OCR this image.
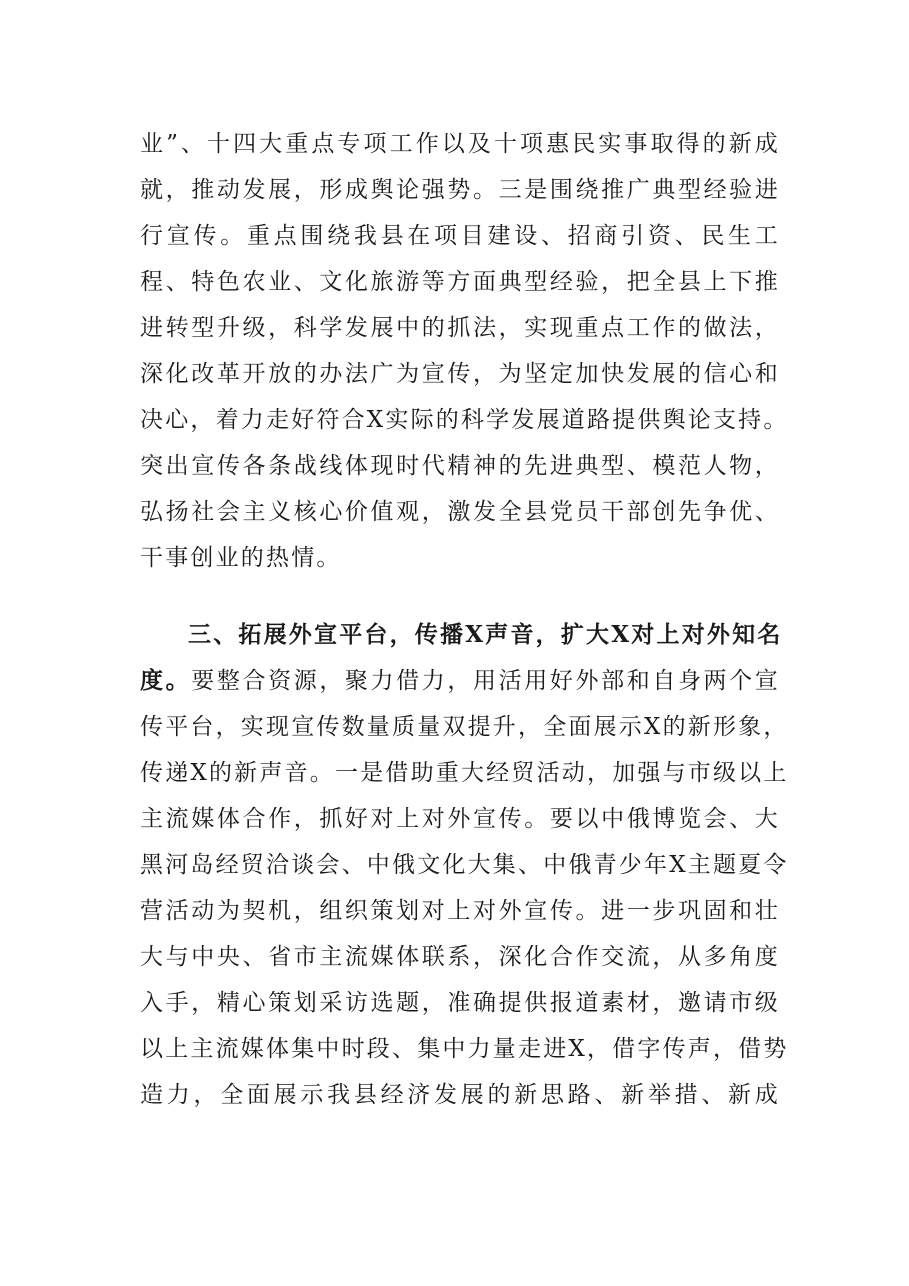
业”、十四大重点专项工作以及十项惠民实事取得的新成
就，推动发展，形成舆论强势。三是围绕推广典型经验进
行宣传。重点围绕我县在项目建设、招商引资、民生工
程、特色农业、文化旅游等方面典型经验，把全县上下推
进转型升级，科学发展中的抓法，实现重点工作的做法，
深化改革开放的办法广为宣传，为坚定加快发展的信心和
决心，着力走好符合X实际的科学发展道路提供舆论支持。
突出宣传各条战线体现时代精神的先进典型、模范人物，
弘扬社会主义核心价值观，激发全县党员干部创先争优、
干事创业的热情。
三、拓展外宣平台，传播X声音，扩大X对上对外知名
度。要整合资源，聚力借力，用活用好外部和自身两个宣
传平台，实现宣传数量质量双提升，全面展示X的新形象，
传递X的新声音。一是借助重大经贸活动，加强与市级以上
主流媒体合作，抓好对上对外宣传。要以中俄博览会、大
黑河岛经贸洽谈会、中俄文化大集、中俄青少年X主题夏令
营活动为契机，组织策划对上对外宣传。进一步巩固和壮
大与中央、省市主流媒体联系，深化合作交流，从多角度
入手，精心策划采访选题，准确提供报道素材，邀请市级
以上主流媒体集中时段、集中力量走进X，借字传声，借势
造力，全面展示我县经济发展的新思路、新举措、新成
